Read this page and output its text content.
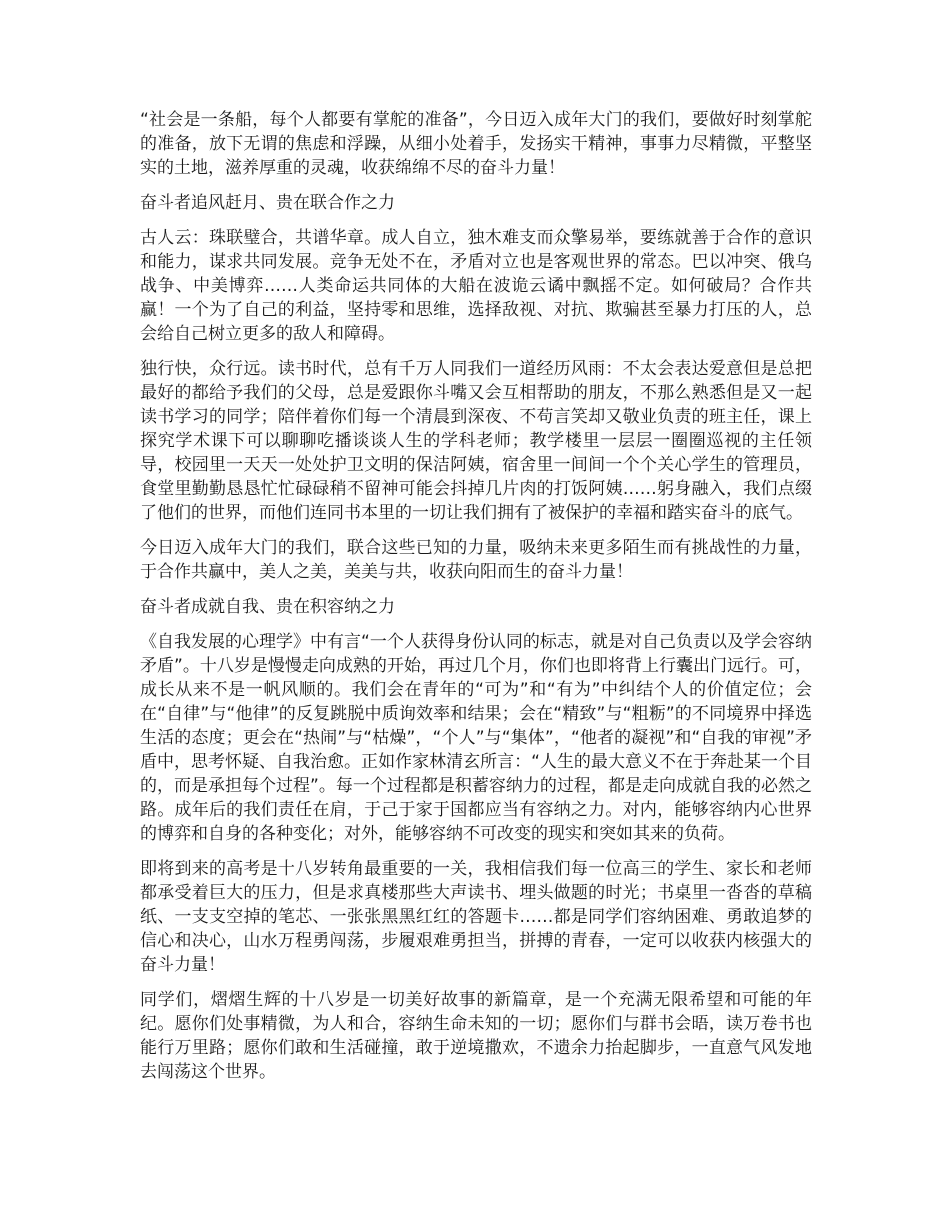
“社会是一条船，每个人都要有掌舵的准备”，今日迈入成年大门的我们，要做好时刻掌舵的准备，放下无谓的焦虑和浮躁，从细小处着手，发扬实干精神，事事力尽精微，平整坚实的土地，滋养厚重的灵魂，收获绵绵不尽的奋斗力量！

奋斗者追风赶月、贵在联合作之力

古人云：珠联璧合，共谱华章。成人自立，独木难支而众擎易举，要练就善于合作的意识和能力，谋求共同发展。竞争无处不在，矛盾对立也是客观世界的常态。巴以冲突、俄乌战争、中美博弈……人类命运共同体的大船在波诡云谲中飘摇不定。如何破局？合作共赢！一个为了自己的利益，坚持零和思维，选择敌视、对抗、欺骗甚至暴力打压的人，总会给自己树立更多的敌人和障碍。

独行快，众行远。读书时代，总有千万人同我们一道经历风雨：不太会表达爱意但是总把最好的都给予我们的父母，总是爱跟你斗嘴又会互相帮助的朋友，不那么熟悉但是又一起读书学习的同学；陪伴着你们每一个清晨到深夜、不苟言笑却又敬业负责的班主任，课上探究学术课下可以聊聊吃播谈谈人生的学科老师；教学楼里一层层一圈圈巡视的主任领导，校园里一天天一处处护卫文明的保洁阿姨，宿舍里一间间一个个关心学生的管理员，食堂里勤勤恳恳忙忙碌碌稍不留神可能会抖掉几片肉的打饭阿姨……躬身融入，我们点缀了他们的世界，而他们连同书本里的一切让我们拥有了被保护的幸福和踏实奋斗的底气。

今日迈入成年大门的我们，联合这些已知的力量，吸纳未来更多陌生而有挑战性的力量，于合作共赢中，美人之美，美美与共，收获向阳而生的奋斗力量！

奋斗者成就自我、贵在积容纳之力

《自我发展的心理学》中有言“一个人获得身份认同的标志，就是对自己负责以及学会容纳矛盾”。十八岁是慢慢走向成熟的开始，再过几个月，你们也即将背上行囊出门远行。可，成长从来不是一帆风顺的。我们会在青年的“可为”和“有为”中纠结个人的价值定位；会在“自律”与“他律”的反复跳脱中质询效率和结果；会在“精致”与“粗粝”的不同境界中择选生活的态度；更会在“热闹”与“枯燥”，“个人”与“集体”，“他者的凝视”和“自我的审视”矛盾中，思考怀疑、自我治愈。正如作家林清玄所言：“人生的最大意义不在于奔赴某一个目的，而是承担每个过程”。每一个过程都是积蓄容纳力的过程，都是走向成就自我的必然之路。成年后的我们责任在肩，于己于家于国都应当有容纳之力。对内，能够容纳内心世界的博弈和自身的各种变化；对外，能够容纳不可改变的现实和突如其来的负荷。

即将到来的高考是十八岁转角最重要的一关，我相信我们每一位高三的学生、家长和老师都承受着巨大的压力，但是求真楼那些大声读书、埋头做题的时光；书桌里一沓沓的草稿纸、一支支空掉的笔芯、一张张黑黑红红的答题卡……都是同学们容纳困难、勇敢追梦的信心和决心，山水万程勇闯荡，步履艰难勇担当，拼搏的青春，一定可以收获内核强大的奋斗力量！

同学们，熠熠生辉的十八岁是一切美好故事的新篇章，是一个充满无限希望和可能的年纪。愿你们处事精微，为人和合，容纳生命未知的一切；愿你们与群书会晤，读万卷书也能行万里路；愿你们敢和生活碰撞，敢于逆境撒欢，不遗余力抬起脚步，一直意气风发地去闯荡这个世界。
